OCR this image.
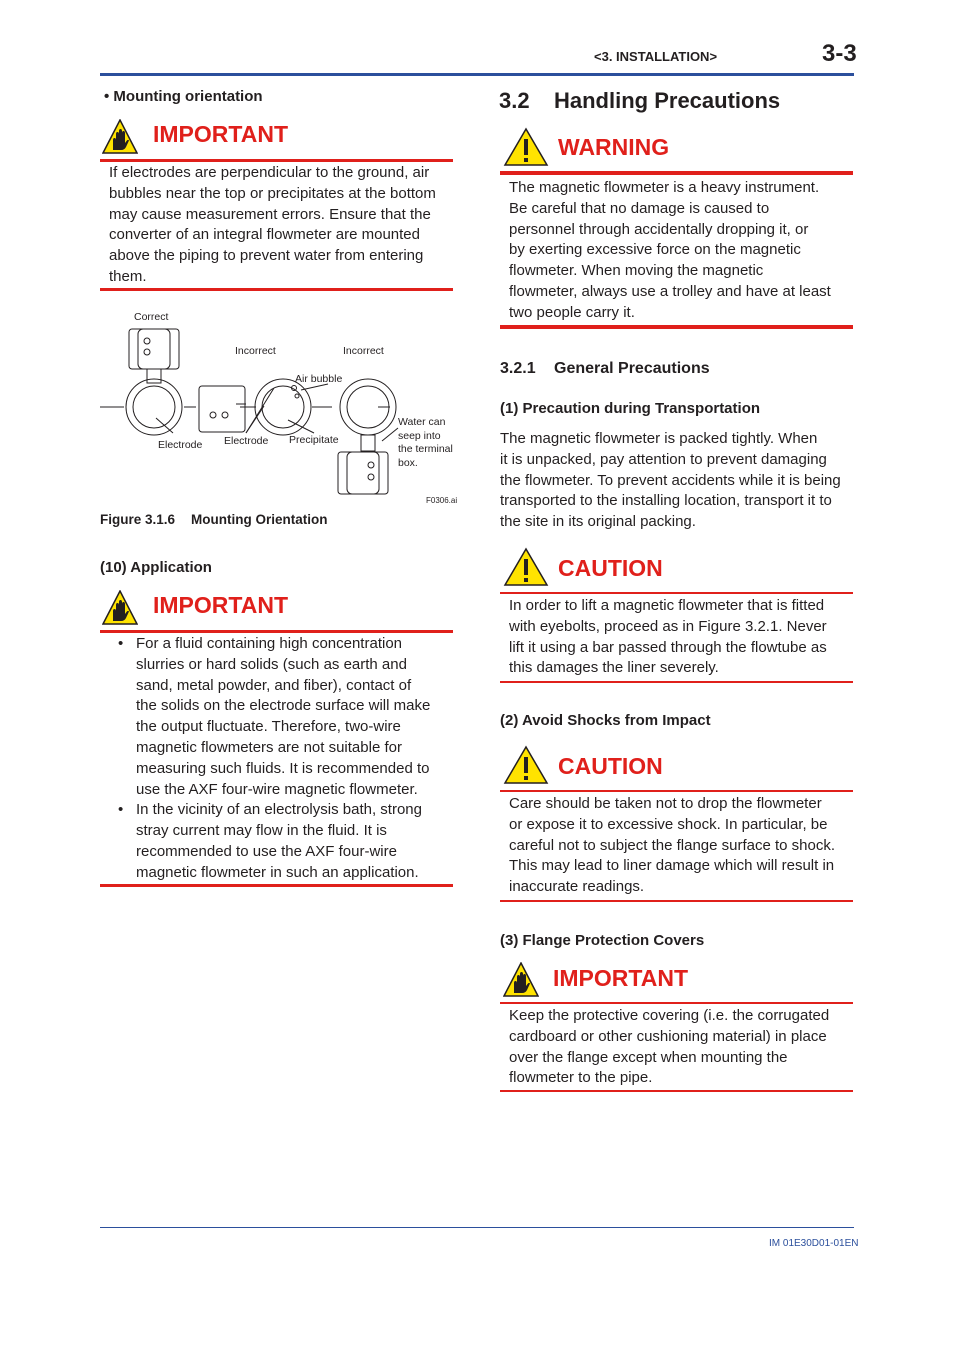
<3. INSTALLATION>	3-3
• Mounting orientation
IMPORTANT
If electrodes are perpendicular to the ground, air
bubbles near the top or precipitates at the bottom
may cause measurement errors. Ensure that the
converter of an integral flowmeter are mounted
above the piping to prevent water from entering
them.
Correct
Incorrect	Incorrect
Air bubble
Electrode Electrode Precipitate
Water can
seep into
the terminal
box.
F0306.ai
Figure 3.1.6 Mounting Orientation
(10) Application
IMPORTANT
• For a fluid containing high concentration
slurries or hard solids (such as earth and
sand, metal powder, and fiber), contact of
the solids on the electrode surface will make
the output fluctuate. Therefore, two-wire
magnetic flowmeters are not suitable for
measuring such fluids. It is recommended to
use the AXF four-wire magnetic flowmeter.
• In the vicinity of an electrolysis bath, strong
stray current may flow in the fluid. It is
recommended to use the AXF four-wire
magnetic flowmeter in such an application.
3.2 Handling Precautions
WARNING
The magnetic flowmeter is a heavy instrument.
Be careful that no damage is caused to
personnel through accidentally dropping it, or
by exerting excessive force on the magnetic
flowmeter. When moving the magnetic
flowmeter, always use a trolley and have at least
two people carry it.
3.2.1 General Precautions
(1) Precaution during Transportation
The magnetic flowmeter is packed tightly. When
it is unpacked, pay attention to prevent damaging
the flowmeter. To prevent accidents while it is being
transported to the installing location, transport it to
the site in its original packing.
CAUTION
In order to lift a magnetic flowmeter that is fitted
with eyebolts, proceed as in Figure 3.2.1. Never
lift it using a bar passed through the flowtube as
this damages the liner severely.
(2) Avoid Shocks from Impact
CAUTION
Care should be taken not to drop the flowmeter
or expose it to excessive shock. In particular, be
careful not to subject the flange surface to shock.
This may lead to liner damage which will result in
inaccurate readings.
(3) Flange Protection Covers
IMPORTANT
Keep the protective covering (i.e. the corrugated
cardboard or other cushioning material) in place
over the flange except when mounting the
flowmeter to the pipe.
IM 01E30D01-01EN
